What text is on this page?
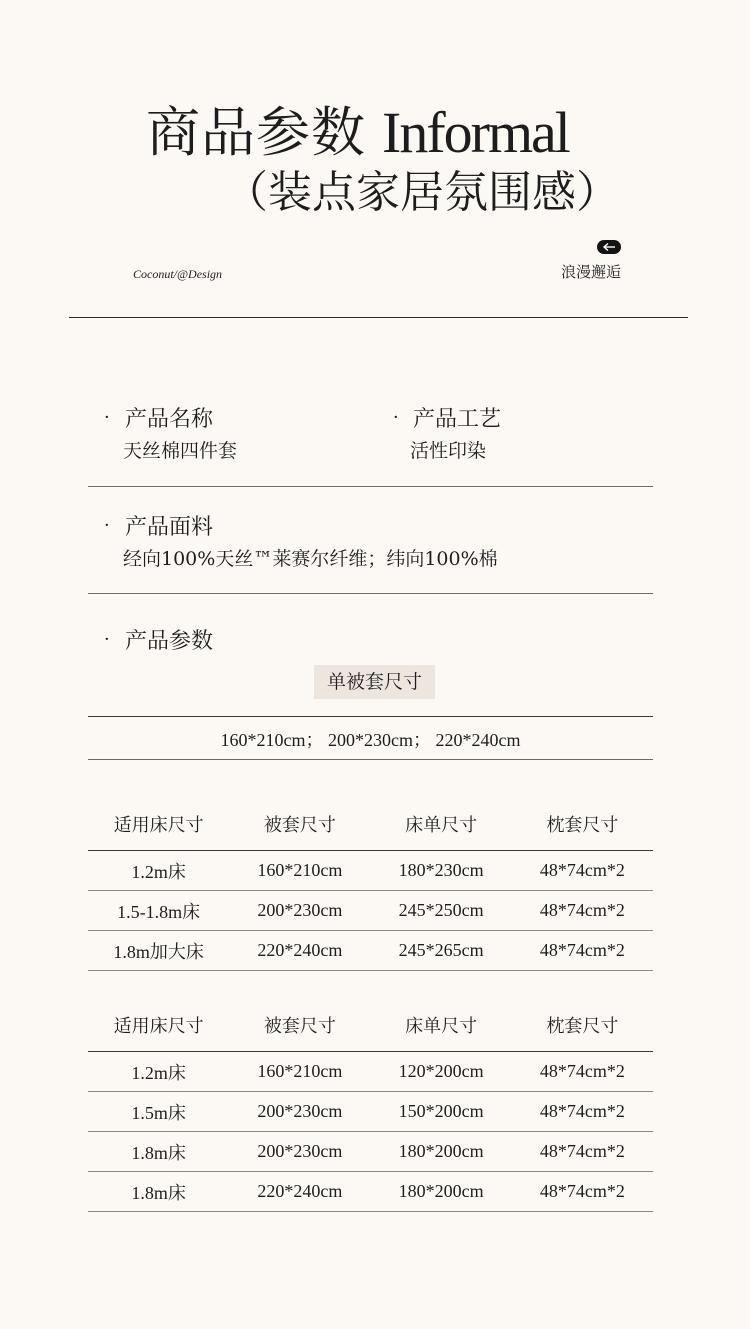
商品参数 Informal
（装点家居氛围感）
Coconut/@Design	浪漫邂逅
· 产品名称
天丝棉四件套
· 产品工艺
活性印染
· 产品面料
经向100%天丝™莱赛尔纤维；纬向100%棉
· 产品参数
单被套尺寸
160*210cm； 200*230cm； 220*240cm
适用床尺寸	被套尺寸	床单尺寸	枕套尺寸
1.2m床	160*210cm	180*230cm	48*74cm*2
1.5-1.8m床	200*230cm	245*250cm	48*74cm*2
1.8m加大床	220*240cm	245*265cm	48*74cm*2
适用床尺寸	被套尺寸	床单尺寸	枕套尺寸
1.2m床	160*210cm	120*200cm	48*74cm*2
1.5m床	200*230cm	150*200cm	48*74cm*2
1.8m床	200*230cm	180*200cm	48*74cm*2
1.8m床	220*240cm	180*200cm	48*74cm*2
